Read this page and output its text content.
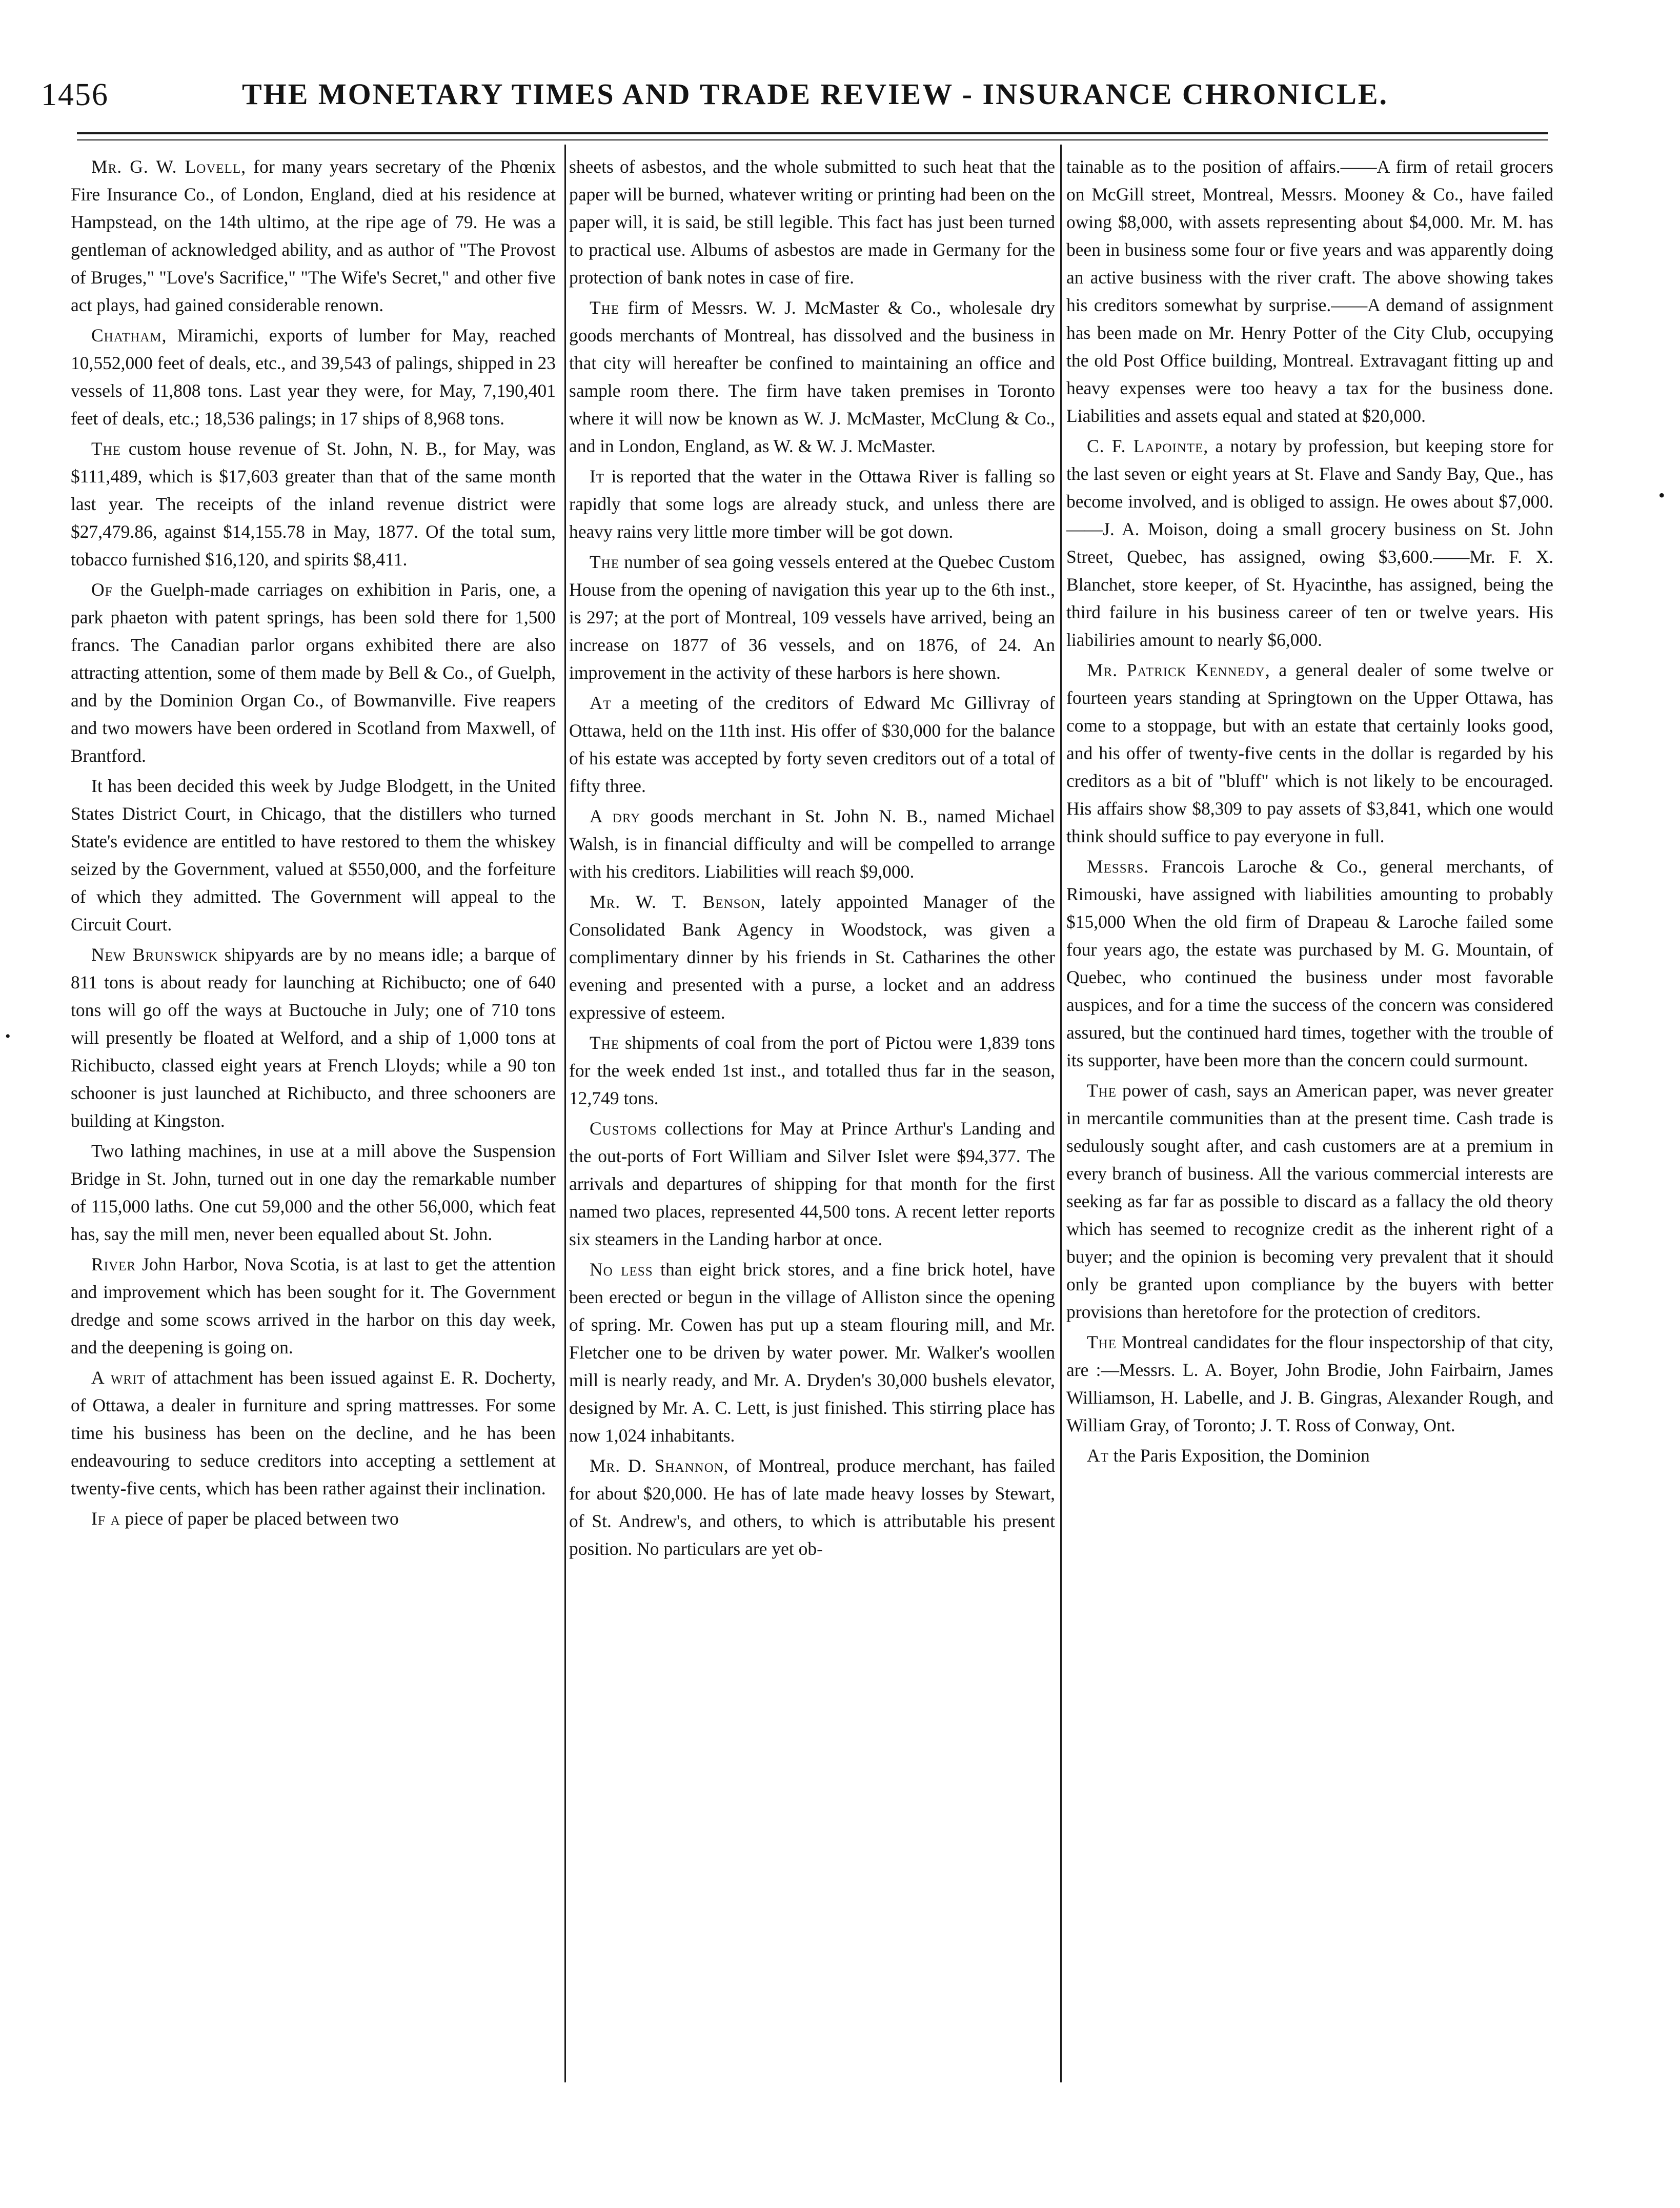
1456	THE MONETARY TIMES AND TRADE REVIEW - INSURANCE CHRONICLE.

Mr. G. W. Lovell, for many years secretary of the Phœnix Fire Insurance Co., of London, England, died at his residence at Hampstead, on the 14th ultimo, at the ripe age of 79. He was a gentleman of acknowledged ability, and as author of "The Provost of Bruges," "Love's Sacrifice," "The Wife's Secret," and other five act plays, had gained considerable renown.

Chatham, Miramichi, exports of lumber for May, reached 10,552,000 feet of deals, etc., and 39,543 of palings, shipped in 23 vessels of 11,808 tons. Last year they were, for May, 7,190,401 feet of deals, etc.; 18,536 palings; in 17 ships of 8,968 tons.

The custom house revenue of St. John, N. B., for May, was $111,489, which is $17,603 greater than that of the same month last year. The receipts of the inland revenue district were $27,479.86, against $14,155.78 in May, 1877. Of the total sum, tobacco furnished $16,120, and spirits $8,411.

Of the Guelph-made carriages on exhibition in Paris, one, a park phaeton with patent springs, has been sold there for 1,500 francs. The Canadian parlor organs exhibited there are also attracting attention, some of them made by Bell & Co., of Guelph, and by the Dominion Organ Co., of Bowmanville. Five reapers and two mowers have been ordered in Scotland from Maxwell, of Brantford.

It has been decided this week by Judge Blodgett, in the United States District Court, in Chicago, that the distillers who turned State's evidence are entitled to have restored to them the whiskey seized by the Government, valued at $550,000, and the forfeiture of which they admitted. The Government will appeal to the Circuit Court.

New Brunswick shipyards are by no means idle; a barque of 811 tons is about ready for launching at Richibucto; one of 640 tons will go off the ways at Buctouche in July; one of 710 tons will presently be floated at Welford, and a ship of 1,000 tons at Richibucto, classed eight years at French Lloyds; while a 90 ton schooner is just launched at Richibucto, and three schooners are building at Kingston.

Two lathing machines, in use at a mill above the Suspension Bridge in St. John, turned out in one day the remarkable number of 115,000 laths. One cut 59,000 and the other 56,000, which feat has, say the mill men, never been equalled about St. John.

River John Harbor, Nova Scotia, is at last to get the attention and improvement which has been sought for it. The Government dredge and some scows arrived in the harbor on this day week, and the deepening is going on.

A writ of attachment has been issued against E. R. Docherty, of Ottawa, a dealer in furniture and spring mattresses. For some time his business has been on the decline, and he has been endeavouring to seduce creditors into accepting a settlement at twenty-five cents, which has been rather against their inclination.

If a piece of paper be placed between two

sheets of asbestos, and the whole submitted to such heat that the paper will be burned, whatever writing or printing had been on the paper will, it is said, be still legible. This fact has just been turned to practical use. Albums of asbestos are made in Germany for the protection of bank notes in case of fire.

The firm of Messrs. W. J. McMaster & Co., wholesale dry goods merchants of Montreal, has dissolved and the business in that city will hereafter be confined to maintaining an office and sample room there. The firm have taken premises in Toronto where it will now be known as W. J. McMaster, McClung & Co., and in London, England, as W. & W. J. McMaster.

It is reported that the water in the Ottawa River is falling so rapidly that some logs are already stuck, and unless there are heavy rains very little more timber will be got down.

The number of sea going vessels entered at the Quebec Custom House from the opening of navigation this year up to the 6th inst., is 297; at the port of Montreal, 109 vessels have arrived, being an increase on 1877 of 36 vessels, and on 1876, of 24. An improvement in the activity of these harbors is here shown.

At a meeting of the creditors of Edward Mc Gillivray of Ottawa, held on the 11th inst. His offer of $30,000 for the balance of his estate was accepted by forty seven creditors out of a total of fifty three.

A dry goods merchant in St. John N. B., named Michael Walsh, is in financial difficulty and will be compelled to arrange with his creditors. Liabilities will reach $9,000.

Mr. W. T. Benson, lately appointed Manager of the Consolidated Bank Agency in Woodstock, was given a complimentary dinner by his friends in St. Catharines the other evening and presented with a purse, a locket and an address expressive of esteem.

The shipments of coal from the port of Pictou were 1,839 tons for the week ended 1st inst., and totalled thus far in the season, 12,749 tons.

Customs collections for May at Prince Arthur's Landing and the out-ports of Fort William and Silver Islet were $94,377. The arrivals and departures of shipping for that month for the first named two places, represented 44,500 tons. A recent letter reports six steamers in the Landing harbor at once.

No less than eight brick stores, and a fine brick hotel, have been erected or begun in the village of Alliston since the opening of spring. Mr. Cowen has put up a steam flouring mill, and Mr. Fletcher one to be driven by water power. Mr. Walker's woollen mill is nearly ready, and Mr. A. Dryden's 30,000 bushels elevator, designed by Mr. A. C. Lett, is just finished. This stirring place has now 1,024 inhabitants.

Mr. D. Shannon, of Montreal, produce merchant, has failed for about $20,000. He has of late made heavy losses by Stewart, of St. Andrew's, and others, to which is attributable his present position. No particulars are yet ob-

tainable as to the position of affairs.——A firm of retail grocers on McGill street, Montreal, Messrs. Mooney & Co., have failed owing $8,000, with assets representing about $4,000. Mr. M. has been in business some four or five years and was apparently doing an active business with the river craft. The above showing takes his creditors somewhat by surprise.——A demand of assignment has been made on Mr. Henry Potter of the City Club, occupying the old Post Office building, Montreal. Extravagant fitting up and heavy expenses were too heavy a tax for the business done. Liabilities and assets equal and stated at $20,000.

C. F. Lapointe, a notary by profession, but keeping store for the last seven or eight years at St. Flave and Sandy Bay, Que., has become involved, and is obliged to assign. He owes about $7,000.——J. A. Moison, doing a small grocery business on St. John Street, Quebec, has assigned, owing $3,600.——Mr. F. X. Blanchet, store keeper, of St. Hyacinthe, has assigned, being the third failure in his business career of ten or twelve years. His liabiliries amount to nearly $6,000.

Mr. Patrick Kennedy, a general dealer of some twelve or fourteen years standing at Springtown on the Upper Ottawa, has come to a stoppage, but with an estate that certainly looks good, and his offer of twenty-five cents in the dollar is regarded by his creditors as a bit of "bluff" which is not likely to be encouraged. His affairs show $8,309 to pay assets of $3,841, which one would think should suffice to pay everyone in full.

Messrs. Francois Laroche & Co., general merchants, of Rimouski, have assigned with liabilities amounting to probably $15,000 When the old firm of Drapeau & Laroche failed some four years ago, the estate was purchased by M. G. Mountain, of Quebec, who continued the business under most favorable auspices, and for a time the success of the concern was considered assured, but the continued hard times, together with the trouble of its supporter, have been more than the concern could surmount.

The power of cash, says an American paper, was never greater in mercantile communities than at the present time. Cash trade is sedulously sought after, and cash customers are at a premium in every branch of business. All the various commercial interests are seeking as far far as possible to discard as a fallacy the old theory which has seemed to recognize credit as the inherent right of a buyer; and the opinion is becoming very prevalent that it should only be granted upon compliance by the buyers with better provisions than heretofore for the protection of creditors.

The Montreal candidates for the flour inspectorship of that city, are :—Messrs. L. A. Boyer, John Brodie, John Fairbairn, James Williamson, H. Labelle, and J. B. Gingras, Alexander Rough, and William Gray, of Toronto; J. T. Ross of Conway, Ont.

At the Paris Exposition, the Dominion

•
•
